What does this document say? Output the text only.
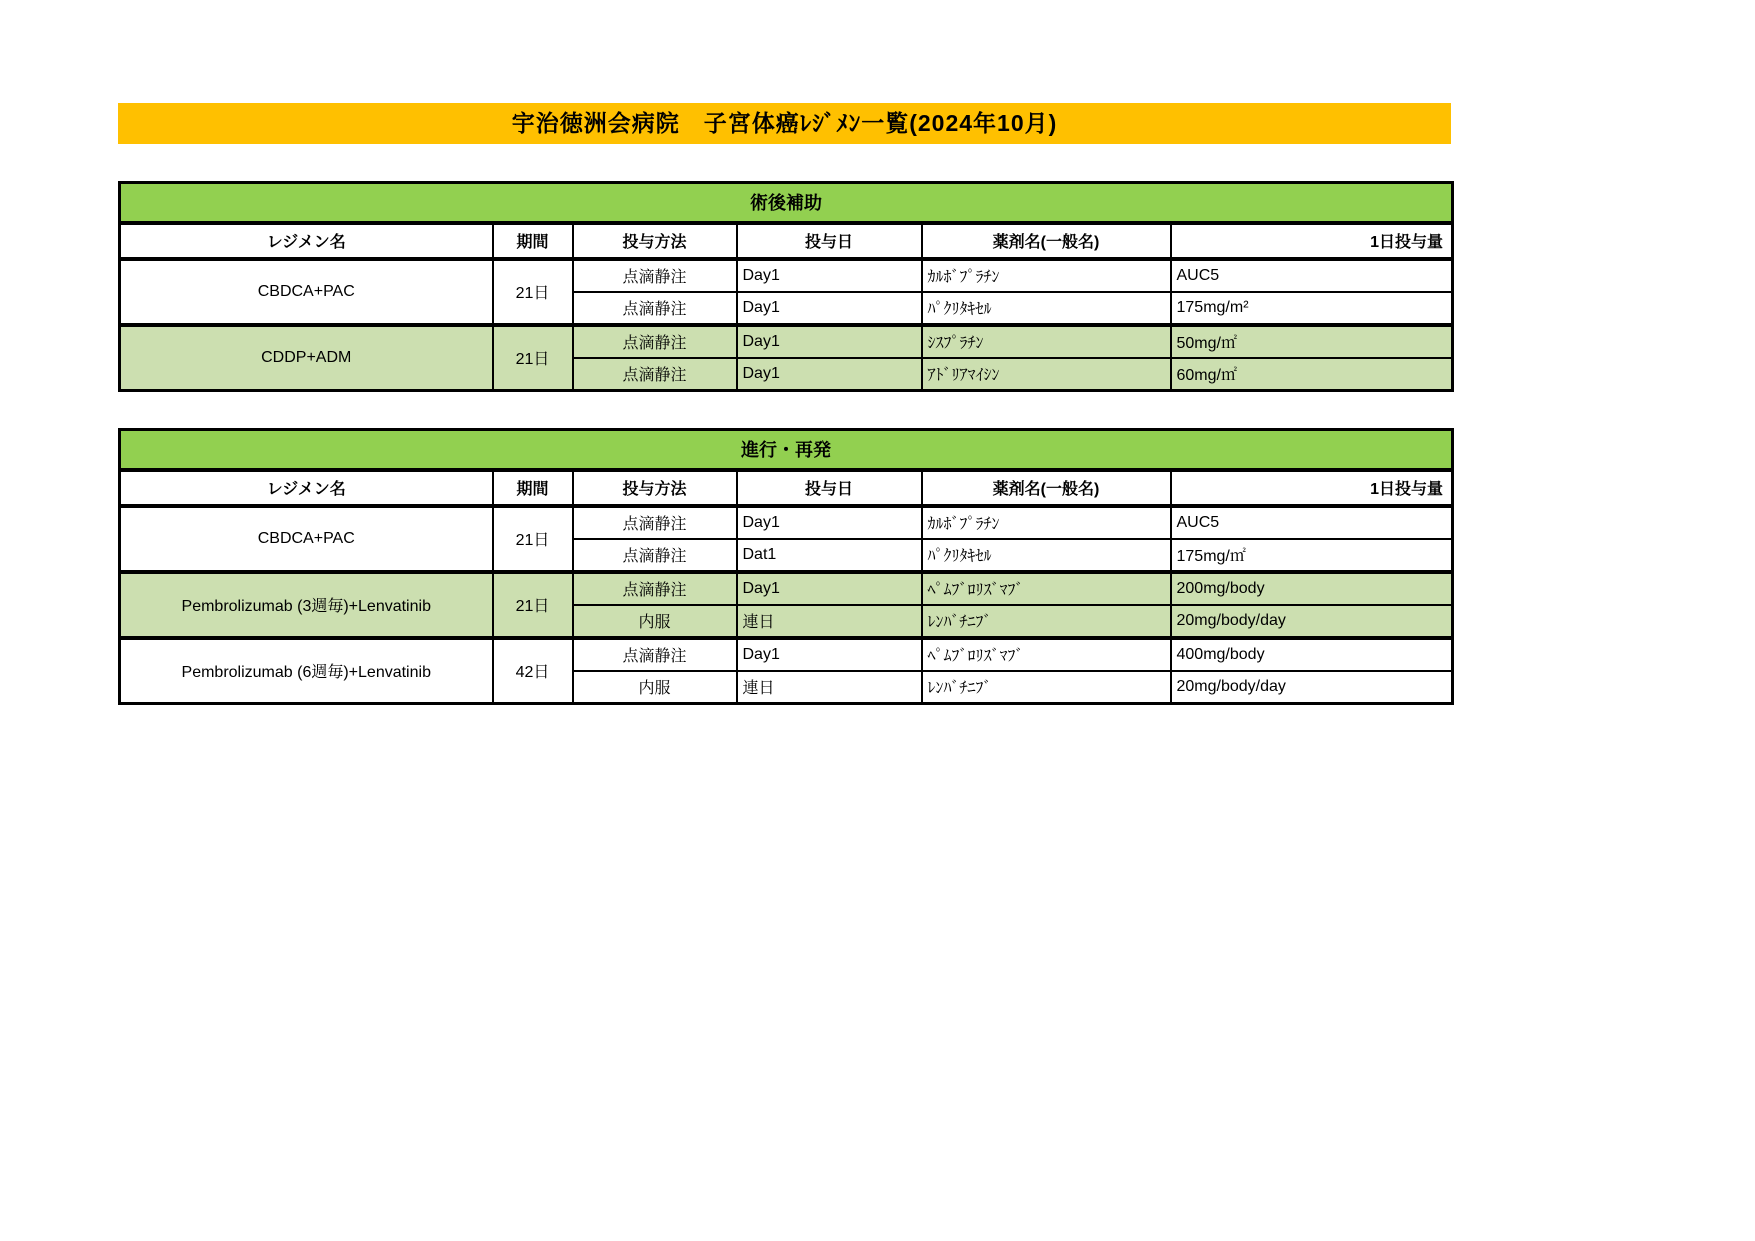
宇治徳洲会病院　子宮体癌ﾚｼﾞﾒﾝ一覧(2024年10月)
術後補助					
レジメン名	期間	投与方法	投与日	薬剤名(一般名)	1日投与量
CBDCA+PAC	21日	点滴静注	Day1	ｶﾙﾎﾞﾌﾟﾗﾁﾝ	AUC5
		点滴静注	Day1	ﾊﾟｸﾘﾀｷｾﾙ	175mg/m²
CDDP+ADM	21日	点滴静注	Day1	ｼｽﾌﾟﾗﾁﾝ	50mg/㎡
		点滴静注	Day1	ｱﾄﾞﾘｱﾏｲｼﾝ	60mg/㎡
進行・再発					
レジメン名	期間	投与方法	投与日	薬剤名(一般名)	1日投与量
CBDCA+PAC	21日	点滴静注	Day1	ｶﾙﾎﾞﾌﾟﾗﾁﾝ	AUC5
		点滴静注	Dat1	ﾊﾟｸﾘﾀｷｾﾙ	175mg/㎡
Pembrolizumab (3週毎)+Lenvatinib	21日	点滴静注	Day1	ﾍﾟﾑﾌﾞﾛﾘｽﾞﾏﾌﾞ	200mg/body
		内服	連日	ﾚﾝﾊﾞﾁﾆﾌﾞ	20mg/body/day
Pembrolizumab (6週毎)+Lenvatinib	42日	点滴静注	Day1	ﾍﾟﾑﾌﾞﾛﾘｽﾞﾏﾌﾞ	400mg/body
		内服	連日	ﾚﾝﾊﾞﾁﾆﾌﾞ	20mg/body/day
